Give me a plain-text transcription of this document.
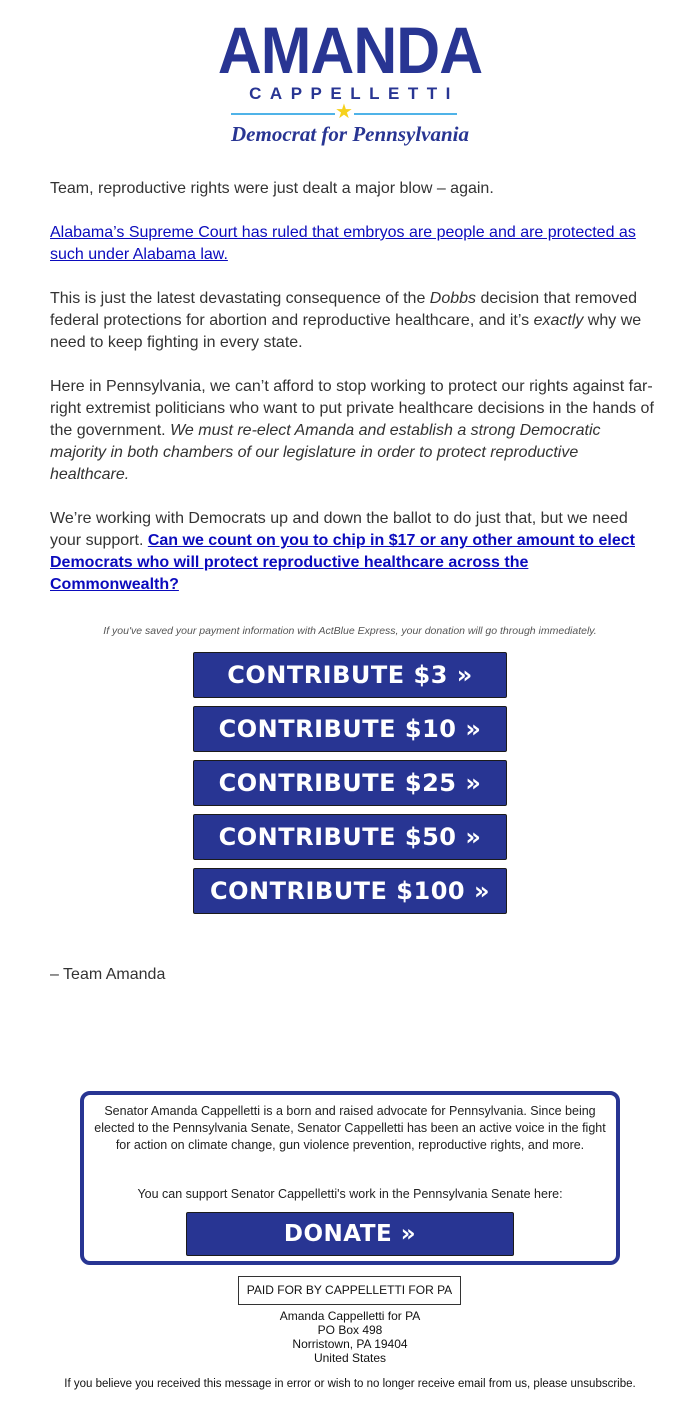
AMANDA
CAPPELLETTI
★
Democrat for Pennsylvania

Team, reproductive rights were just dealt a major blow – again.

Alabama’s Supreme Court has ruled that embryos are people and are protected as such under Alabama law.

This is just the latest devastating consequence of the Dobbs decision that removed federal protections for abortion and reproductive healthcare, and it’s exactly why we need to keep fighting in every state.

Here in Pennsylvania, we can’t afford to stop working to protect our rights against far-right extremist politicians who want to put private healthcare decisions in the hands of the government. We must re-elect Amanda and establish a strong Democratic majority in both chambers of our legislature in order to protect reproductive healthcare.

We’re working with Democrats up and down the ballot to do just that, but we need your support. Can we count on you to chip in $17 or any other amount to elect Democrats who will protect reproductive healthcare across the Commonwealth?

If you've saved your payment information with ActBlue Express, your donation will go through immediately.
CONTRIBUTE $3 »
CONTRIBUTE $10 »
CONTRIBUTE $25 »
CONTRIBUTE $50 »
CONTRIBUTE $100 »
– Team Amanda
Senator Amanda Cappelletti is a born and raised advocate for Pennsylvania. Since being elected to the Pennsylvania Senate, Senator Cappelletti has been an active voice in the fight for action on climate change, gun violence prevention, reproductive rights, and more.
You can support Senator Cappelletti's work in the Pennsylvania Senate here:
DONATE »
PAID FOR BY CAPPELLETTI FOR PA
Amanda Cappelletti for PA
PO Box 498
Norristown, PA 19404
United States
If you believe you received this message in error or wish to no longer receive email from us, please unsubscribe.
